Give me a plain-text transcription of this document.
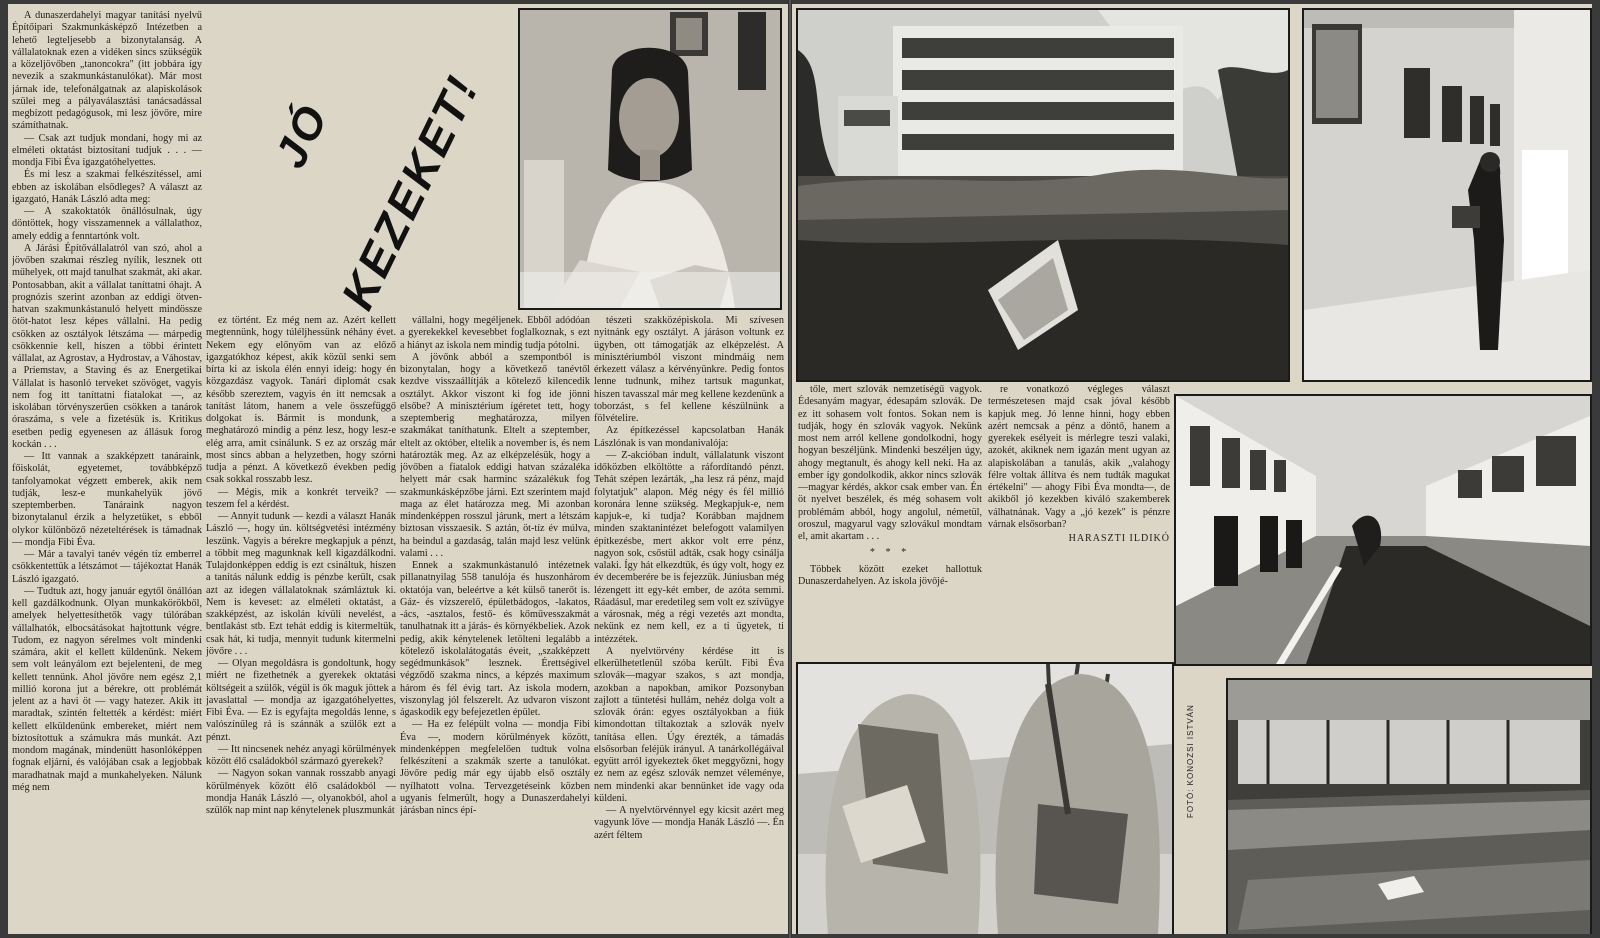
A dunaszerdahelyi magyar tanítási nyelvű Építőipari Szakmunkásképző Intézetben a lehető legteljesebb a bizonytalanság. A vállalatoknak ezen a vidéken sincs szükségük a közeljövőben „tanoncokra" (itt jobbára így nevezik a szakmunkástanulókat). Már most járnak ide, telefonálgatnak az alapiskolások szülei meg a pályaválasztási tanácsadással megbízott pedagógusok, mi lesz jövőre, mire számíthatnak.

— Csak azt tudjuk mondani, hogy mi az elméleti oktatást biztosítani tudjuk . . . — mondja Fibi Éva igazgatóhelyettes.

És mi lesz a szakmai felkészítéssel, ami ebben az iskolában elsődleges? A választ az igazgató, Hanák László adta meg:

— A szakoktatók önállósulnak, úgy döntöttek, hogy visszamennek a vállalathoz, amely eddig a fenntartónk volt.

A Járási Építővállalatról van szó, ahol a jövőben szakmai részleg nyílik, lesznek ott műhelyek, ott majd tanulhat szakmát, aki akar. Pontosabban, akit a vállalat taníttatni óhajt. A prognózis szerint azonban az eddigi ötven-hatvan szakmunkástanuló helyett mindössze ötöt-hatot lesz képes vállalni. Ha pedig csökken az osztályok létszáma — márpedig csökkennie kell, hiszen a többi érintett vállalat, az Agrostav, a Hydrostav, a Váhostav, a Priemstav, a Staving és az Energetikai Vállalat is hasonló terveket szövöget, vagyis nem fog itt taníttatni fiatalokat —, az iskolában törvényszerűen csökken a tanárok óraszáma, s vele a fizetésük is. Kritikus esetben pedig egyenesen az állásuk forog kockán . . .

— Itt vannak a szakképzett tanáraink, főiskolát, egyetemet, továbbképző tanfolyamokat végzett emberek, akik nem tudják, lesz-e munkahelyük jövő szeptemberben. Tanáraink nagyon bizonytalanul érzik a helyzetüket, s ebből olykor különböző nézeteltérések is támadnak — mondja Fibi Éva.

— Már a tavalyi tanév végén tíz emberrel csökkentettük a létszámot — tájékoztat Hanák László igazgató.

— Tudtuk azt, hogy január egytől önállóan kell gazdálkodnunk. Olyan munkakörökből, amelyek helyettesíthetők vagy túlórában vállalhatók, elbocsátásokat hajtottunk végre. Tudom, ez nagyon sérelmes volt mindenki számára, akit el kellett küldenünk. Nekem sem volt leányálom ezt bejelenteni, de meg kellett tennünk. Ahol jövőre nem egész 2,1 millió korona jut a bérekre, ott problémát jelent az a havi öt — vagy hatezer. Akik itt maradtak, szintén feltették a kérdést: miért kellett elküldenünk embereket, miért nem biztosítottuk a számukra más munkát. Azt mondom magának, mindenütt hasonlóképpen fognak eljárni, és valójában csak a legjobbak maradhatnak majd a munkahelyeken. Nálunk még nem

JÓ
KEZEKET!

ez történt. Ez még nem az. Azért kellett megtennünk, hogy túléljhessünk néhány évet. Nekem egy előnyöm van az előző igazgatókhoz képest, akik közül senki sem bírta ki az iskola élén ennyi ideig: hogy én közgazdász vagyok. Tanári diplomát csak később szereztem, vagyis én itt nemcsak a tanítást látom, hanem a vele összefüggő dolgokat is. Bármit is mondunk, a meghatározó mindig a pénz lesz, hogy lesz-e elég arra, amit csinálunk. S ez az ország már most sincs abban a helyzetben, hogy szórni tudja a pénzt. A következő években pedig csak sokkal rosszabb lesz.

— Mégis, mik a konkrét terveik? — teszem fel a kérdést.

— Annyit tudunk — kezdi a választ Hanák László —, hogy ún. költségvetési intézmény leszünk. Vagyis a bérekre megkapjuk a pénzt, a többit meg magunknak kell kigazdálkodni. Tulajdonképpen eddig is ezt csináltuk, hiszen a tanítás nálunk eddig is pénzbe került, csak azt az idegen vállalatoknak számláztuk ki. Nem is keveset: az elméleti oktatást, a szakképzést, az iskolán kívüli nevelést, a bentlakást stb. Ezt tehát eddig is kitermeltük, csak hát, ki tudja, mennyit tudunk kitermelni jövőre . . .

— Olyan megoldásra is gondoltunk, hogy miért ne fizethetnék a gyerekek oktatási költségeit a szülők, végül is ők maguk jöttek a javaslattal — mondja az igazgatóhelyettes, Fibi Éva. — Ez is egyfajta megoldás lenne, s valószínűleg rá is szánnák a szülők ezt a pénzt.

— Itt nincsenek nehéz anyagi körülmények között élő családokból származó gyerekek?

— Nagyon sokan vannak rosszabb anyagi körülmények között élő családokból — mondja Hanák László —, olyanokból, ahol a szülők nap mint nap kénytelenek pluszmunkát

vállalni, hogy megéljenek. Ebből adódóan a gyerekekkel kevesebbet foglalkoznak, s ezt a hiányt az iskola nem mindig tudja pótolni.

A jövőnk abból a szempontból is bizonytalan, hogy a következő tanévtől kezdve visszaállítják a kötelező kilencedik osztályt. Akkor viszont ki fog ide jönni elsőbe? A minisztérium ígéretet tett, hogy szeptemberig meghatározza, milyen szakmákat taníthatunk. Eltelt a szeptember, eltelt az október, eltelik a november is, és nem határozták meg. Az az elképzelésük, hogy a jövőben a fiatalok eddigi hatvan százaléka helyett már csak harminc százalékuk fog szakmunkásképzőbe járni. Ezt szerintem majd maga az élet határozza meg. Mi azonban mindenképpen rosszul járunk, mert a létszám biztosan visszaesik. S aztán, öt-tíz év múlva, ha beindul a gazdaság, talán majd lesz velünk valami . . .

Ennek a szakmunkástanuló intézetnek pillanatnyilag 558 tanulója és huszonhárom oktatója van, beleértve a két külső tanerőt is. Gáz- és vízszerelő, épületbádogos, -lakatos, -ács, -asztalos, festő- és kőművesszakmát tanulhatnak itt a járás- és környékbeliek. Azok pedig, akik kénytelenek letölteni legalább a kötelező iskolalátogatás éveit, „szakképzett segédmunkások" lesznek. Érettségivel végződő szakma nincs, a képzés maximum három és fél évig tart. Az iskola modern, viszonylag jól felszerelt. Az udvaron viszont ágaskodik egy befejezetlen épület.

— Ha ez felépült volna — mondja Fibi Éva —, modern körülmények között, mindenképpen megfelelően tudtuk volna felkészíteni a szakmák szerte a tanulókat. Jövőre pedig már egy újabb első osztály nyílhatott volna. Tervezgetéseink közben ugyanis felmerült, hogy a Dunaszerdahelyi járásban nincs épí-

tészeti szakközépiskola. Mi szívesen nyitnánk egy osztályt. A járáson voltunk ez ügyben, ott támogatják az elképzelést. A minisztériumból viszont mindmáig nem érkezett válasz a kérvényünkre. Pedig fontos lenne tudnunk, mihez tartsuk magunkat, hiszen tavasszal már meg kellene kezdenünk a toborzást, s fel kellene készülnünk a fölvételire.

Az építkezéssel kapcsolatban Hanák Lászlónak is van mondanivalója:

— Z-akcióban indult, vállalatunk viszont időközben elköltötte a ráfordítandó pénzt. Tehát szépen lezárták, „ha lesz rá pénz, majd folytatjuk" alapon. Még négy és fél millió koronára lenne szükség. Megkapjuk-e, nem kapjuk-e, ki tudja? Korábban majdnem minden szaktanintézet belefogott valamilyen építkezésbe, mert akkor volt erre pénz, nagyon sok, csőstül adták, csak hogy csinálja valaki. Így hát elkezdtük, és úgy volt, hogy ez év decemberére be is fejezzük. Júniusban még lézengett itt egy-két ember, de azóta semmi. Ráadásul, mar eredetileg sem volt ez szívügye a városnak, még a régi vezetés azt mondta, nekünk ez nem kell, ez a ti ügyetek, ti intézzétek.

A nyelvtörvény kérdése itt is elkerülhetetlenül szóba került. Fibi Éva szlovák—magyar szakos, s azt mondja, azokban a napokban, amikor Pozsonyban zajlott a tüntetési hullám, nehéz dolga volt a szlovák órán: egyes osztályokban a fiúk kimondottan tiltakoztak a szlovák nyelv tanítása ellen. Úgy érezték, a támadás elsősorban feléjük irányul. A tanárkollégáival együtt arról igyekeztek őket meggyőzni, hogy ez nem az egész szlovák nemzet véleménye, nem mindenki akar bennünket ide vagy oda küldeni.

— A nyelvtörvénnyel egy kicsit azért meg vagyunk lőve — mondja Hanák László —. Én azért féltem

tőle, mert szlovák nemzetiségű vagyok. Édesanyám magyar, édesapám szlovák. De ez itt sohasem volt fontos. Sokan nem is tudják, hogy én szlovák vagyok. Nekünk most nem arról kellene gondolkodni, hogy hogyan beszéljünk. Mindenki beszéljen úgy, ahogy megtanult, és ahogy kell neki. Ha az ember így gondolkodik, akkor nincs szlovák—magyar kérdés, akkor csak ember van. Én öt nyelvet beszélek, és még sohasem volt problémám abból, hogy angolul, németül, oroszul, magyarul vagy szlovákul mondtam el, amit akartam . . .

* * *

Többek között ezeket hallottuk Dunaszerdahelyen. Az iskola jövőjé-

re vonatkozó végleges választ természetesen majd csak jóval később kapjuk meg. Jó lenne hinni, hogy ebben azért nemcsak a pénz a döntő, hanem a gyerekek esélyeit is mérlegre teszi valaki, azokét, akiknek nem igazán ment ugyan az alapiskolában a tanulás, akik „valahogy félre voltak állítva és nem tudták magukat értékelni" — ahogy Fibi Éva mondta—, de akikből jó kezekben kiváló szakemberek válhatnának. Vagy a „jó kezek" is pénzre várnak elsősorban?

HARASZTI ILDIKÓ

FOTÓ: KONOZSI ISTVÁN
